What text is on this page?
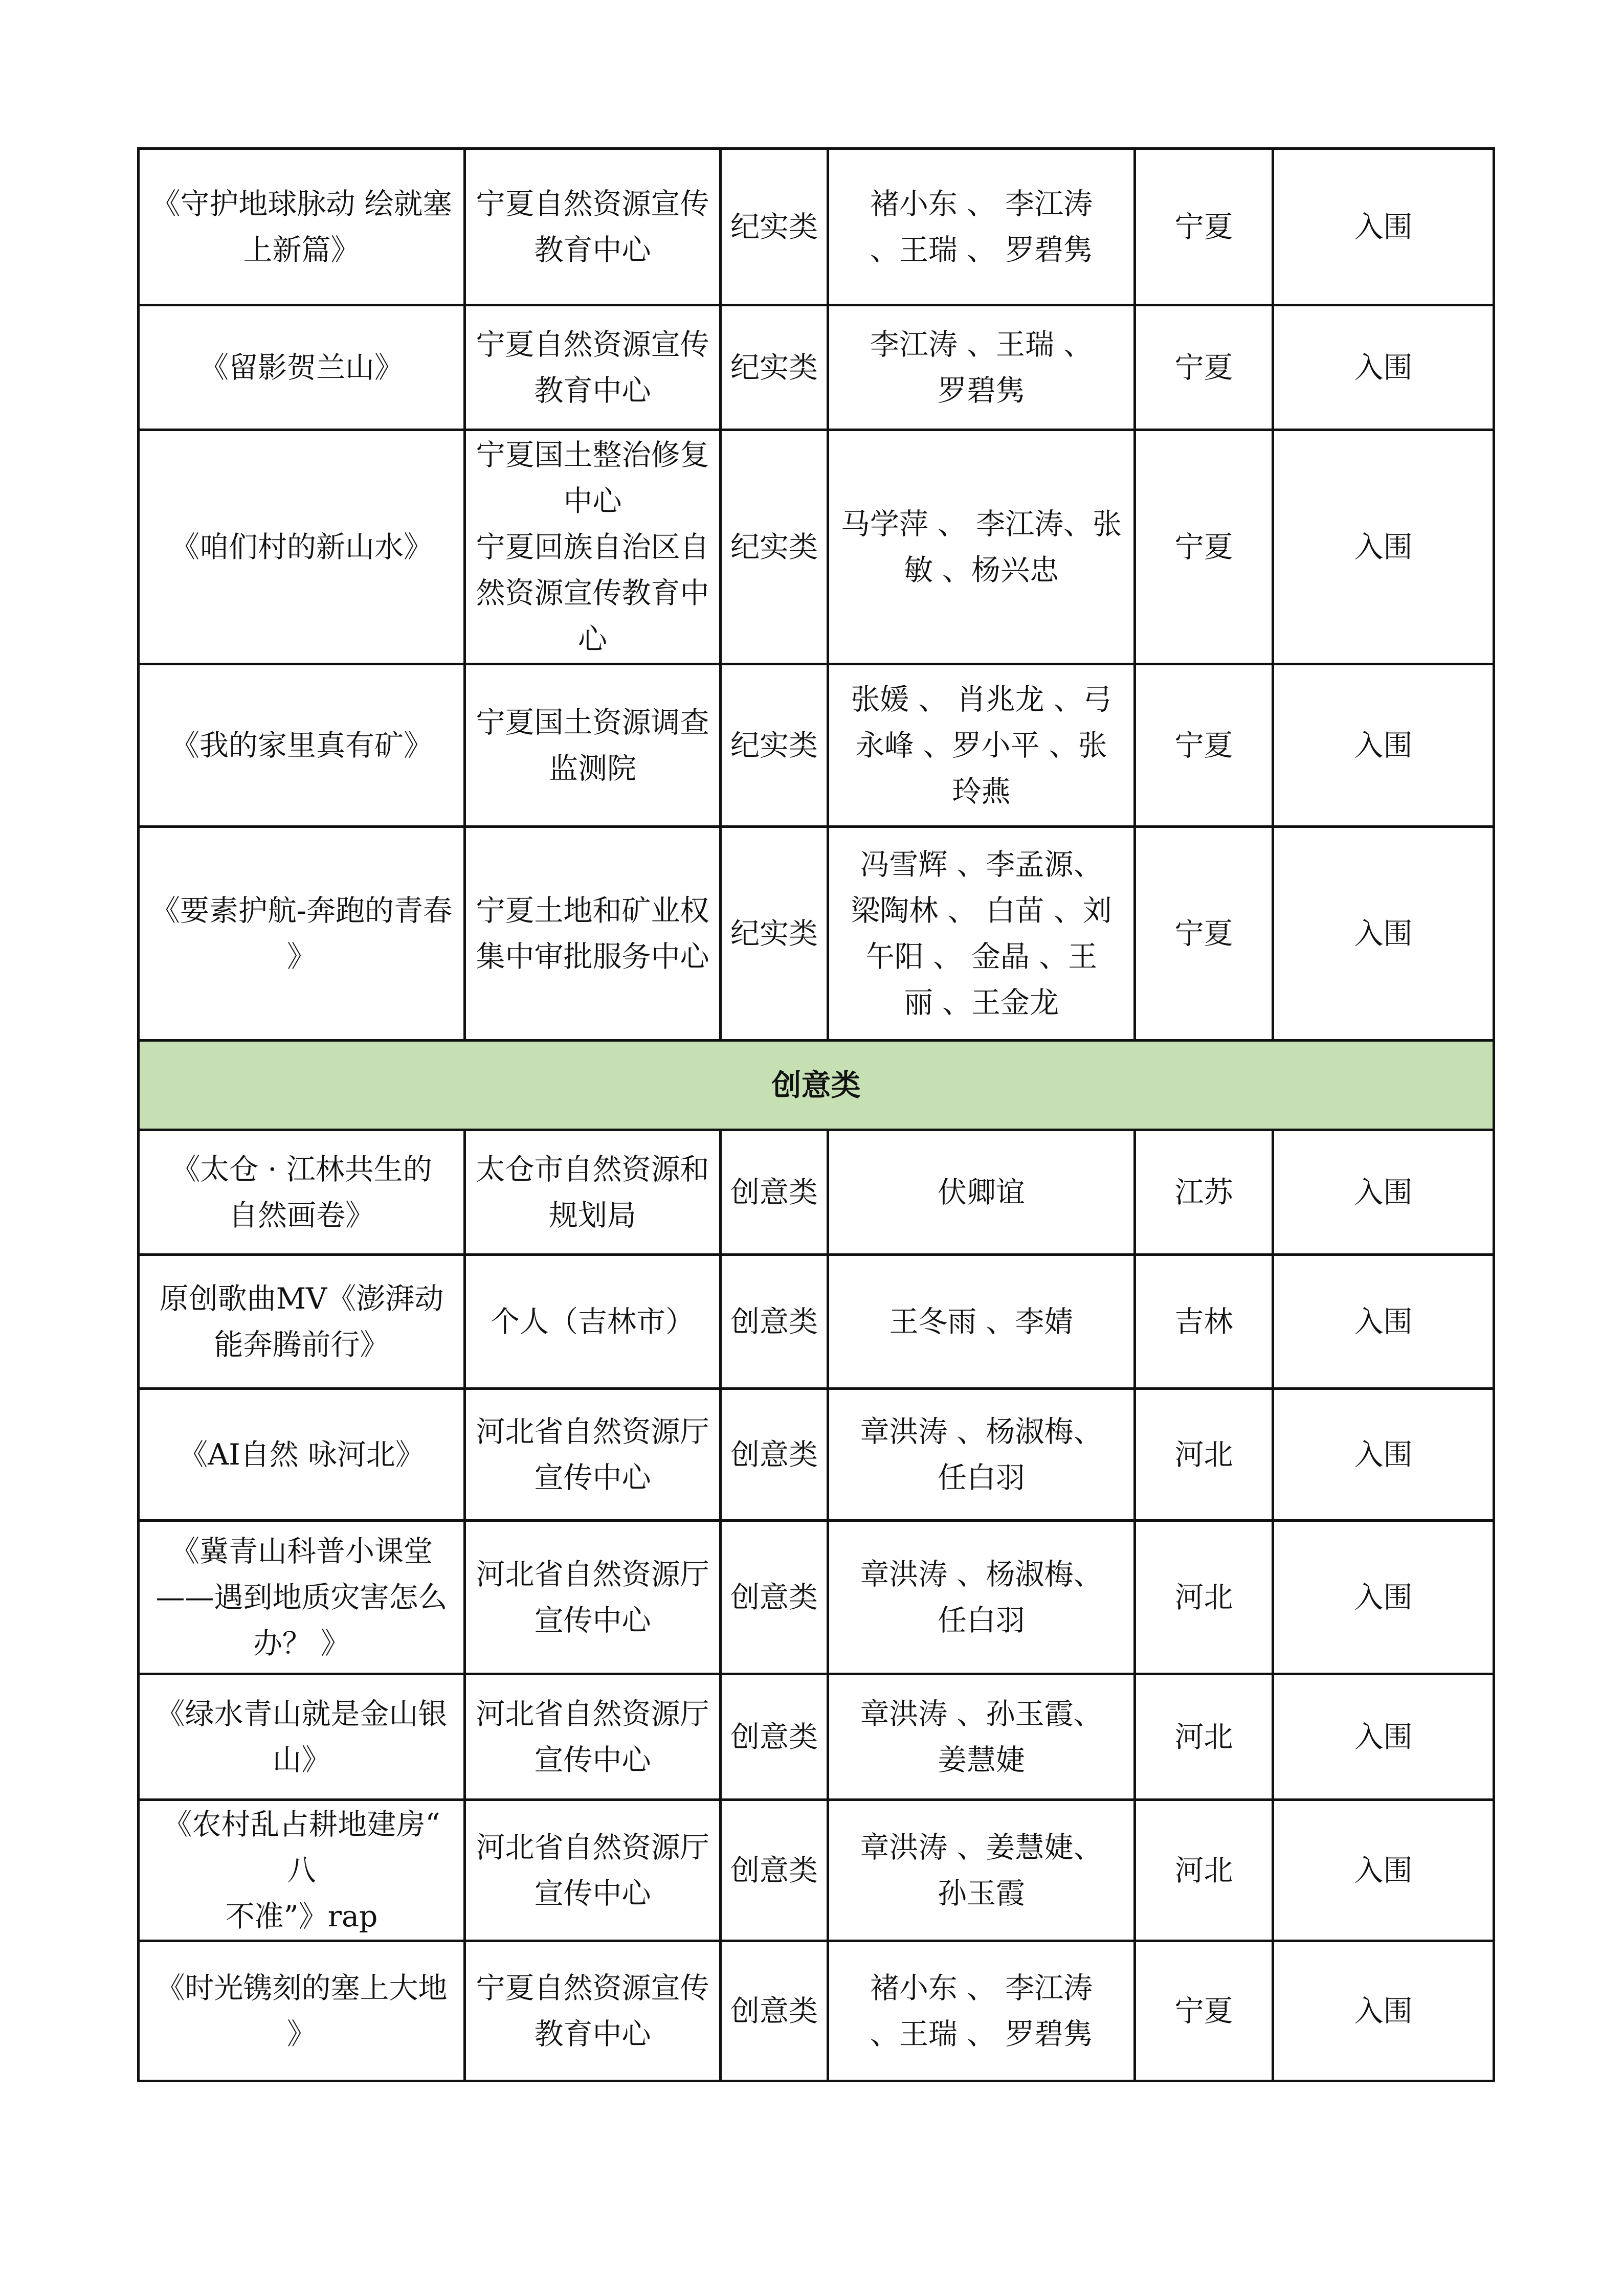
《守护地球脉动 绘就塞
上新篇》	宁夏自然资源宣传
教育中心	纪实类	褚小东 、 李江涛
、王瑞 、 罗碧隽	宁夏	入围

《留影贺兰山》	宁夏自然资源宣传
教育中心	纪实类	李江涛 、王瑞 、
罗碧隽	宁夏	入围

《咱们村的新山水》	宁夏国土整治修复
中心
宁夏回族自治区自
然资源宣传教育中
心	纪实类	马学萍 、 李江涛、张
敏 、杨兴忠	宁夏	入围

《我的家里真有矿》	宁夏国土资源调查
监测院	纪实类	张媛 、 肖兆龙 、弓
永峰 、罗小平 、张
玲燕	宁夏	入围

《要素护航-奔跑的青春
》	宁夏土地和矿业权
集中审批服务中心	纪实类	冯雪辉 、李孟源、
梁陶林 、 白苗 、刘
午阳 、 金晶 、王
丽 、王金龙	宁夏	入围

创意类					

《太仓 · 江林共生的
自然画卷》	太仓市自然资源和
规划局	创意类	伏卿谊	江苏	入围

原创歌曲MV《澎湃动
能奔腾前行》	个人（吉林市）	创意类	王冬雨 、李婧	吉林	入围

《AI自然 咏河北》	河北省自然资源厅
宣传中心	创意类	章洪涛 、杨淑梅、
任白羽	河北	入围

《冀青山科普小课堂
——遇到地质灾害怎么
办？ 》	河北省自然资源厅
宣传中心	创意类	章洪涛 、杨淑梅、
任白羽	河北	入围

《绿水青山就是金山银
山》	河北省自然资源厅
宣传中心	创意类	章洪涛 、孙玉霞、
姜慧婕	河北	入围

《农村乱占耕地建房“
八
不准”》rap	河北省自然资源厅
宣传中心	创意类	章洪涛 、姜慧婕、
孙玉霞	河北	入围

《时光镌刻的塞上大地
》	宁夏自然资源宣传
教育中心	创意类	褚小东 、 李江涛
、王瑞 、 罗碧隽	宁夏	入围
